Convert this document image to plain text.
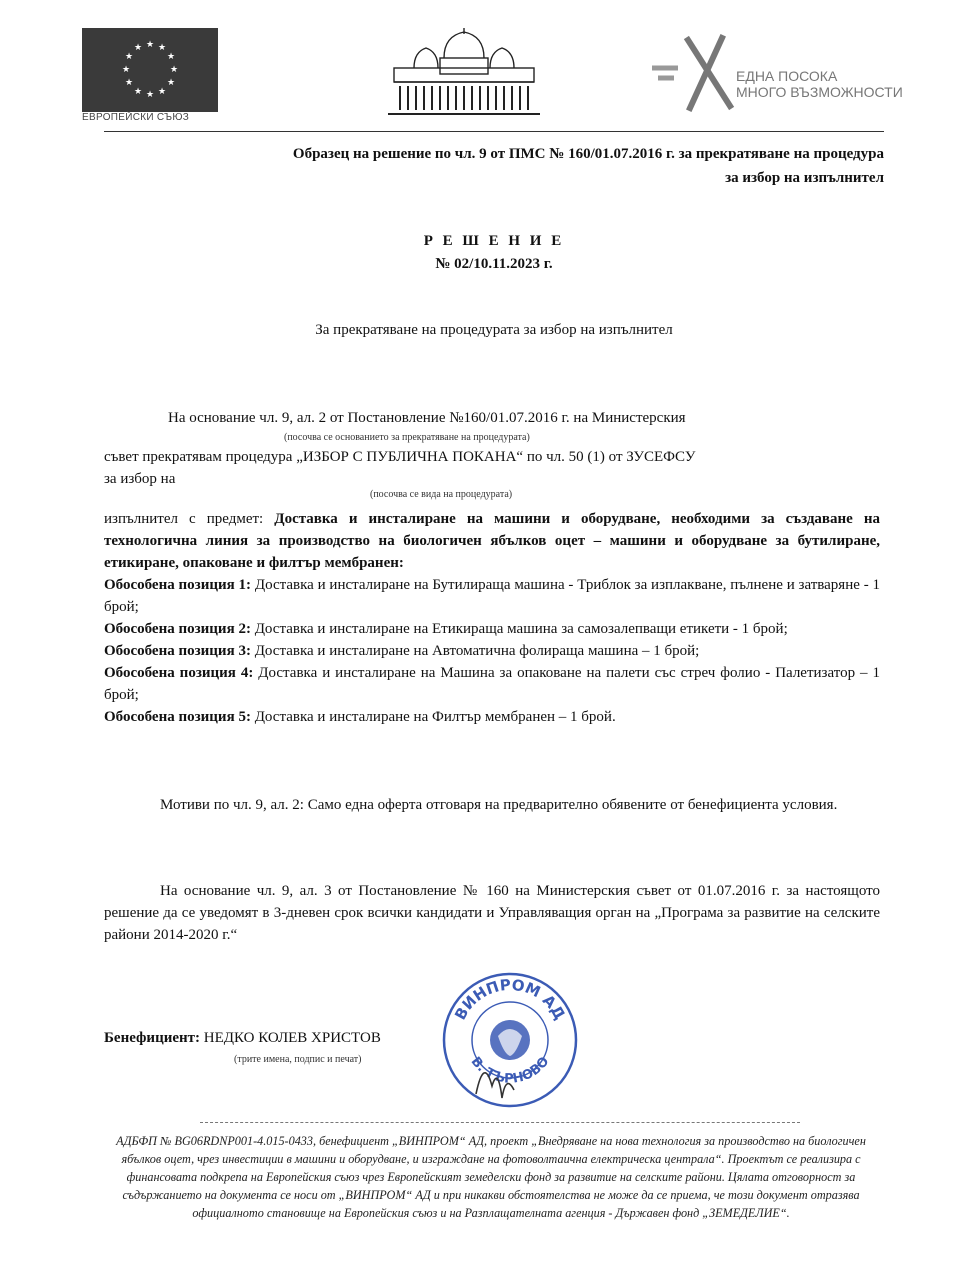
★ ★
★
★
★
★
★
★
★
★
★
★
ЕВРОПЕЙСКИ СЪЮЗ
ЕДНА ПОСОКА
МНОГО ВЪЗМОЖНОСТИ
Образец на решение по чл. 9 от ПМС № 160/01.07.2016 г. за прекратяване на процедура
за избор на изпълнител
Р Е Ш Е Н И Е
№ 02/10.11.2023 г.
За прекратяване на процедурата за избор на изпълнител
На основание чл. 9, ал. 2 от Постановление №160/01.07.2016 г. на Министерския
(посочва се основанието за прекратяване на процедурата)
съвет прекратявам процедура „ИЗБОР С ПУБЛИЧНА ПОКАНА“ по чл. 50 (1) от ЗУСЕФСУ
за избор на
(посочва се вида на процедурата)
изпълнител с предмет: Доставка и инсталиране на машини и оборудване, необходими за създаване на технологична линия за производство на биологичен ябълков оцет – машини и оборудване за бутилиране, етикиране, опаковане и филтър мембранен:
Обособена позиция 1: Доставка и инсталиране на Бутилираща машина - Триблок за изплакване, пълнене и затваряне - 1 брой;
Обособена позиция 2: Доставка и инсталиране на Етикираща машина за самозалепващи етикети - 1 брой;
Обособена позиция 3: Доставка и инсталиране на Автоматична фолираща машина – 1 брой;
Обособена позиция 4: Доставка и инсталиране на Машина за опаковане на палети със стреч фолио - Палетизатор – 1 брой;
Обособена позиция 5: Доставка и инсталиране на Филтър мембранен – 1 брой.
Мотиви по чл. 9, ал. 2: Само една оферта отговаря на предварително обявените от бенефициента условия.
На основание чл. 9, ал. 3 от Постановление № 160 на Министерския съвет от 01.07.2016 г. за настоящото решение да се уведомят в 3-дневен срок всички кандидати и Управляващия орган на „Програма за развитие на селските райони 2014-2020 г.“
ВИНПРОМ АД
В. ТЪРНОВО
Бенефициент: НЕДКО КОЛЕВ ХРИСТОВ
(трите имена, подпис и печат)
АДБФП № BG06RDNP001-4.015-0433, бенефициент „ВИНПРОМ“ АД, проект „Внедряване на нова технология за производство на биологичен ябълков оцет, чрез инвестиции в машини и оборудване, и изграждане на фотоволтаична електрическа централа“. Проектът се реализира с финансовата подкрепа на Европейския съюз чрез Европейският земеделски фонд за развитие на селските райони. Цялата отговорност за съдържанието на документа се носи от „ВИНПРОМ“ АД и при никакви обстоятелства не може да се приема, че този документ отразява официалното становище на Европейския съюз и на Разплащателната агенция - Държавен фонд „ЗЕМЕДЕЛИЕ“.
